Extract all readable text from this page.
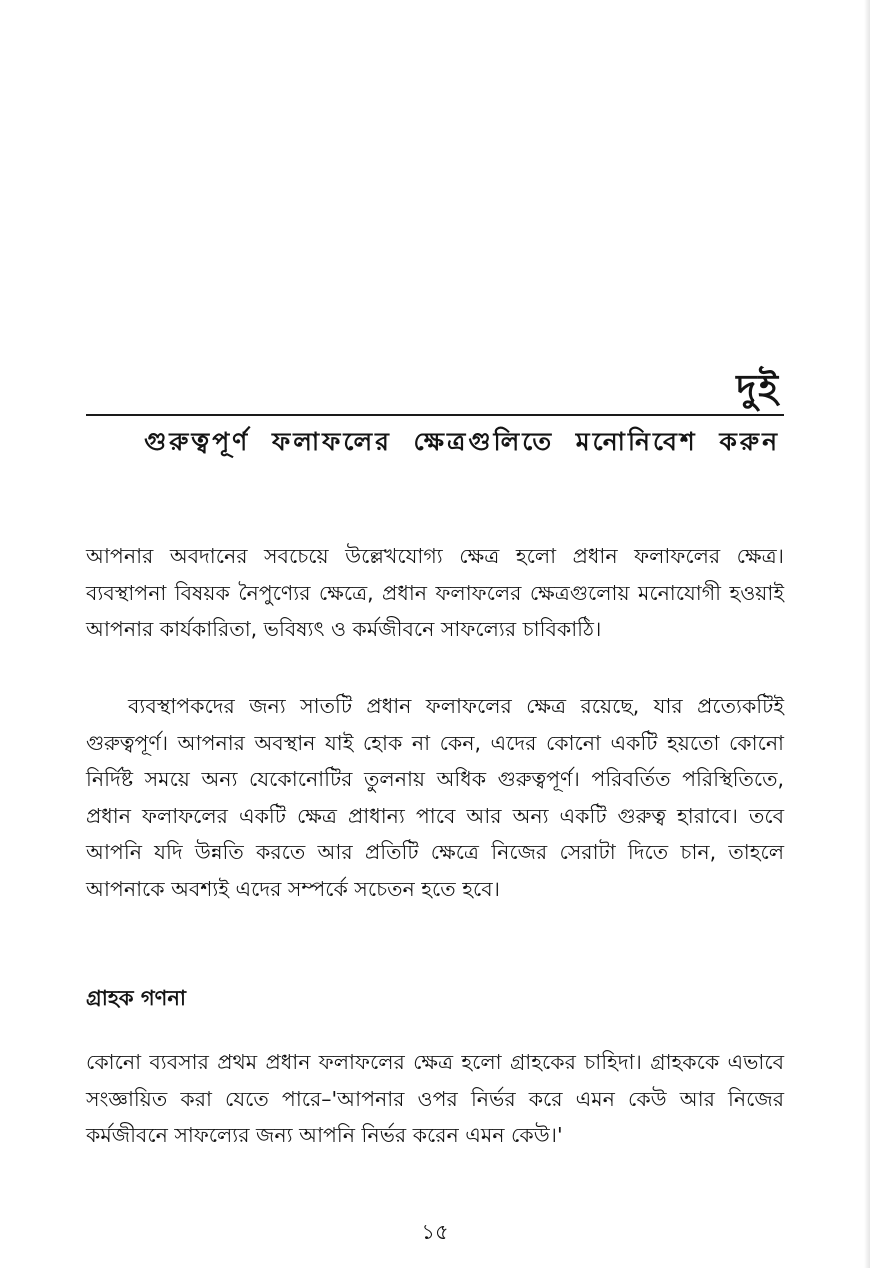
দুই
গুরুত্বপূর্ণ ফলাফলের ক্ষেত্রগুলিতে মনোনিবেশ করুন

আপনার অবদানের সবচেয়ে উল্লেখযোগ্য ক্ষেত্র হলো প্রধান ফলাফলের ক্ষেত্র। ব্যবস্থাপনা বিষয়ক নৈপুণ্যের ক্ষেত্রে, প্রধান ফলাফলের ক্ষেত্রগুলোয় মনোযোগী হওয়াই আপনার কার্যকারিতা, ভবিষ্যৎ ও কর্মজীবনে সাফল্যের চাবিকাঠি।

ব্যবস্থাপকদের জন্য সাতটি প্রধান ফলাফলের ক্ষেত্র রয়েছে, যার প্রত্যেকটিই গুরুত্বপূর্ণ। আপনার অবস্থান যাই হোক না কেন, এদের কোনো একটি হয়তো কোনো নির্দিষ্ট সময়ে অন্য যেকোনোটির তুলনায় অধিক গুরুত্বপূর্ণ। পরিবর্তিত পরিস্থিতিতে, প্রধান ফলাফলের একটি ক্ষেত্র প্রাধান্য পাবে আর অন্য একটি গুরুত্ব হারাবে। তবে আপনি যদি উন্নতি করতে আর প্রতিটি ক্ষেত্রে নিজের সেরাটা দিতে চান, তাহলে আপনাকে অবশ্যই এদের সম্পর্কে সচেতন হতে হবে।

গ্রাহক গণনা

কোনো ব্যবসার প্রথম প্রধান ফলাফলের ক্ষেত্র হলো গ্রাহকের চাহিদা। গ্রাহককে এভাবে সংজ্ঞায়িত করা যেতে পারে–'আপনার ওপর নির্ভর করে এমন কেউ আর নিজের কর্মজীবনে সাফল্যের জন্য আপনি নির্ভর করেন এমন কেউ।'

১৫
